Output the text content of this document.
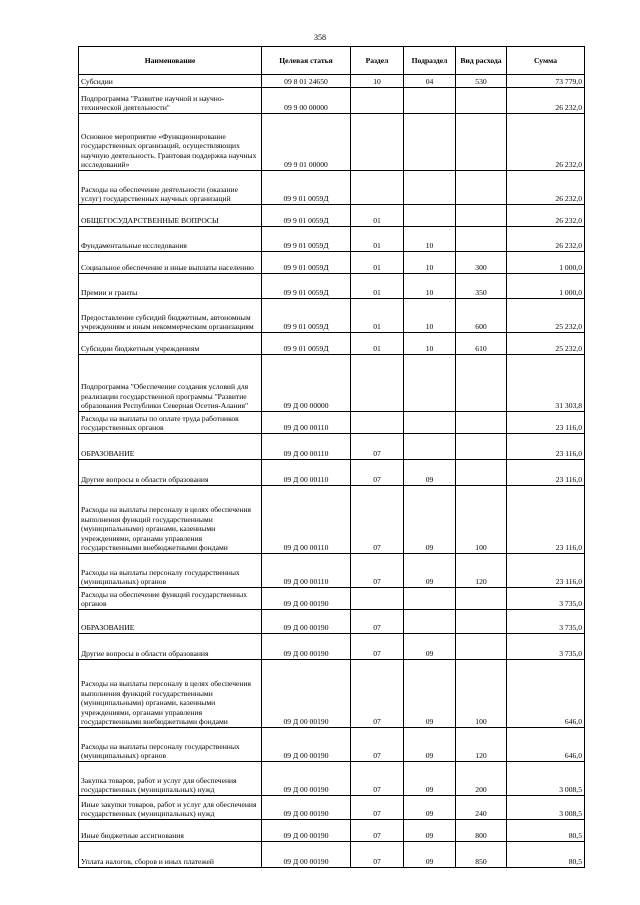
358
Наименование	Целевая статья	Раздел	Подраздел	Вид расхода	Сумма
Субсидии	09 8 01 24650	10	04	530	73 779,0
Подпрограмма "Развитие научной и научно-технической деятельности"	09 9 00 00000				26 232,0
Основное мероприятие «Функционирование государственных организаций, осуществляющих научную деятельность. Грантовая поддержка научных исследований»	09 9 01 00000				26 232,0
Расходы на обеспечение деятельности (оказание услуг) государственных научных организаций	09 9 01 0059Д				26 232,0
ОБЩЕГОСУДАРСТВЕННЫЕ ВОПРОСЫ	09 9 01 0059Д	01			26 232,0
Фундаментальные исследования	09 9 01 0059Д	01	10		26 232,0
Социальное обеспечение и иные выплаты населению	09 9 01 0059Д	01	10	300	1 000,0
Премии и гранты	09 9 01 0059Д	01	10	350	1 000,0
Предоставление субсидий бюджетным, автономным учреждениям и иным некоммерческим организациям	09 9 01 0059Д	01	10	600	25 232,0
Субсидии бюджетным учреждениям	09 9 01 0059Д	01	10	610	25 232,0
Подпрограмма "Обеспечение создания условий для реализации государственной программы "Развитие образования Республики Северная Осетия-Алания"	09 Д 00 00000				31 303,8
Расходы на выплаты по оплате труда работников государственных органов	09 Д 00 00110				23 116,0
ОБРАЗОВАНИЕ	09 Д 00 00110	07			23 116,0
Другие вопросы в области образования	09 Д 00 00110	07	09		23 116,0
Расходы на выплаты персоналу в целях обеспечения выполнения функций государственными (муниципальными) органами, казенными учреждениями, органами управления государственными внебюджетными фондами	09 Д 00 00110	07	09	100	23 116,0
Расходы на выплаты персоналу государственных (муниципальных) органов	09 Д 00 00110	07	09	120	23 116,0
Расходы на обеспечение функций государственных органов	09 Д 00 00190				3 735,0
ОБРАЗОВАНИЕ	09 Д 00 00190	07			3 735,0
Другие вопросы в области образования	09 Д 00 00190	07	09		3 735,0
Расходы на выплаты персоналу в целях обеспечения выполнения функций государственными (муниципальными) органами, казенными учреждениями, органами управления государственными внебюджетными фондами	09 Д 00 00190	07	09	100	646,0
Расходы на выплаты персоналу государственных (муниципальных) органов	09 Д 00 00190	07	09	120	646,0
Закупка товаров, работ и услуг для обеспечения государственных (муниципальных) нужд	09 Д 00 00190	07	09	200	3 008,5
Иные закупки товаров, работ и услуг для обеспечения государственных (муниципальных) нужд	09 Д 00 00190	07	09	240	3 008,5
Иные бюджетные ассигнования	09 Д 00 00190	07	09	800	80,5
Уплата налогов, сборов и иных платежей	09 Д 00 00190	07	09	850	80,5
